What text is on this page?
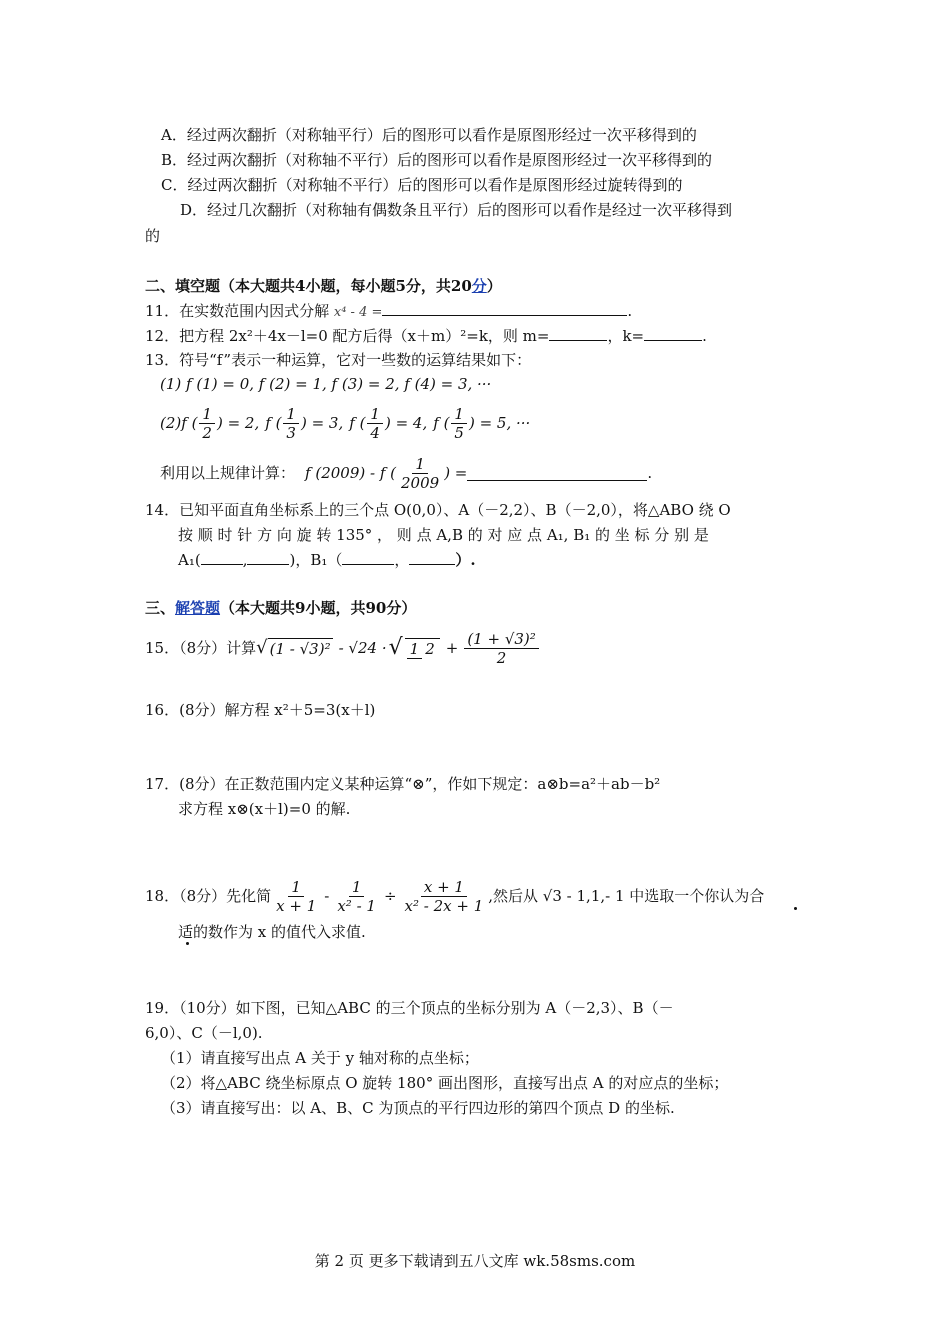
A．经过两次翻折（对称轴平行）后的图形可以看作是原图形经过一次平移得到的
B．经过两次翻折（对称轴不平行）后的图形可以看作是原图形经过一次平移得到的
C．经过两次翻折（对称轴不平行）后的图形可以看作是原图形经过旋转得到的
D．经过几次翻折（对称轴有偶数条且平行）后的图形可以看作是经过一次平移得到
的
二、填空题（本大题共4小题，每小题5分，共20分）
11．在实数范围内因式分解 x⁴ - 4 =	.
12．把方程 2x²＋4x－l=0 配方后得（x＋m）²=k，则 m=	，k=	.
13．符号“f”表示一种运算，它对一些数的运算结果如下：
(1) f (1) = 0, f (2) = 1, f (3) = 2, f (4) = 3, ···
(2) f ( $\frac{1}{2}$ ) = 2, f ( $\frac{1}{3}$ ) = 3, f ( $\frac{1}{4}$ ) = 4, f ( $\frac{1}{5}$ ) = 5, ···
利用以上规律计算： f (2009) - f ( $\frac{1}{2009}$ ) =	.
14．已知平面直角坐标系上的三个点 O(0,0）、A（－2,2）、B（－2,0），将△ABO 绕 O
按 顺 时 针 方 向 旋 转 135° ， 则 点 A,B 的 对 应 点 A₁, B₁ 的 坐 标 分 别 是
A₁(	,	)，B₁（	，	）.
三、解答题（本大题共9小题，共90分）
15．（8分）计算 √ (1 - √3)² - √24 · √ 1 $2 + \frac{\text{(1 + √3)²}}{2}$
16．(8分）解方程 x²＋5=3(x＋l)
17．(8分）在正数范围内定义某种运算“⊗”，作如下规定：a⊗b=a²＋ab－b²
求方程 x⊗(x＋l)=0 的解.
18．（8分）先化简 $\frac{1}{x + 1} - \frac{1}{\text{x² - 1}} \div \frac{x + 1}{\text{x² - 2x + 1}}$ ,然后从 √3 - 1,1,- 1 中选取一个你认为合
适的数作为 x 的值代入求值.
19．（10分）如下图，已知△ABC 的三个顶点的坐标分别为 A（－2,3）、B（－
6,0）、C（－l,0).
（1）请直接写出点 A 关于 y 轴对称的点坐标；
（2）将△ABC 绕坐标原点 O 旋转 180° 画出图形，直接写出点 A 的对应点的坐标；
（3）请直接写出：以 A、B、C 为顶点的平行四边形的第四个顶点 D 的坐标.
第 2 页 更多下载请到五八文库 wk.58sms.com
